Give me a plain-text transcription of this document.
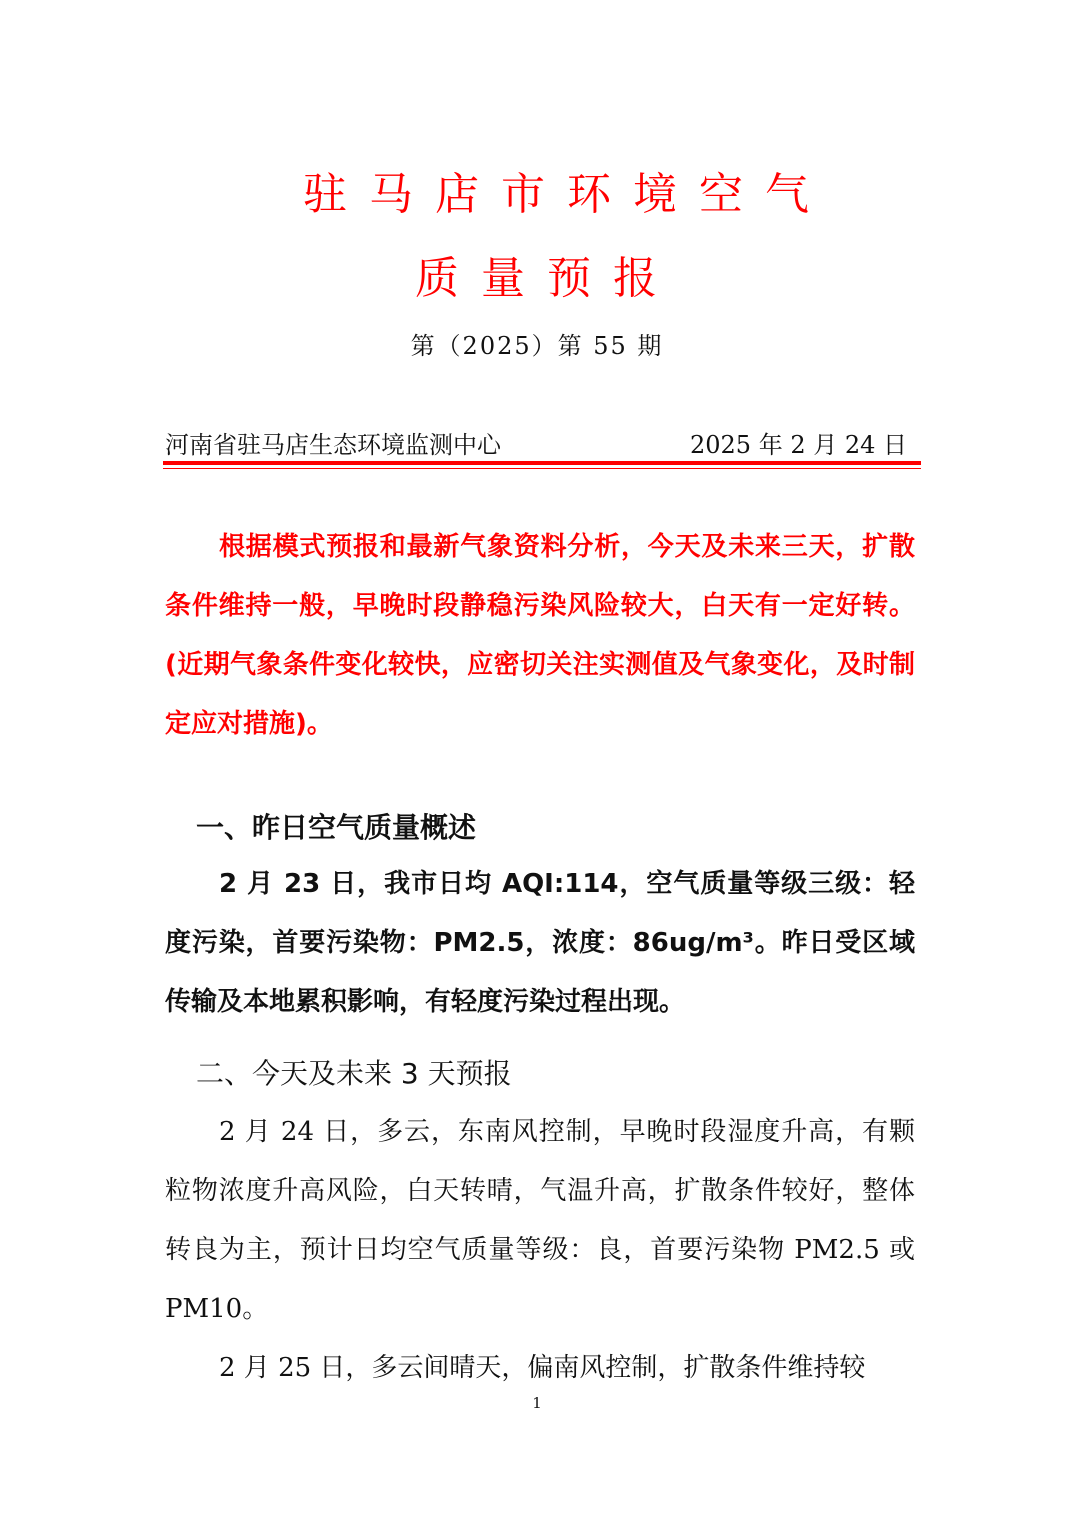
驻马店市环境空气
质量预报
第（2025）第 55 期
河南省驻马店生态环境监测中心	2025 年 2 月 24 日
根据模式预报和最新气象资料分析，今天及未来三天，扩散条件维持一般，早晚时段静稳污染风险较大，白天有一定好转。(近期气象条件变化较快，应密切关注实测值及气象变化，及时制定应对措施)。
一、昨日空气质量概述
2 月 23 日，我市日均 AQI:114，空气质量等级三级：轻度污染，首要污染物：PM2.5，浓度：86ug/m³。昨日受区域传输及本地累积影响，有轻度污染过程出现。
二、今天及未来 3 天预报
2 月 24 日，多云，东南风控制，早晚时段湿度升高，有颗粒物浓度升高风险，白天转晴，气温升高，扩散条件较好，整体转良为主，预计日均空气质量等级：良，首要污染物 PM2.5 或 PM10。
2 月 25 日，多云间晴天，偏南风控制，扩散条件维持较
1
